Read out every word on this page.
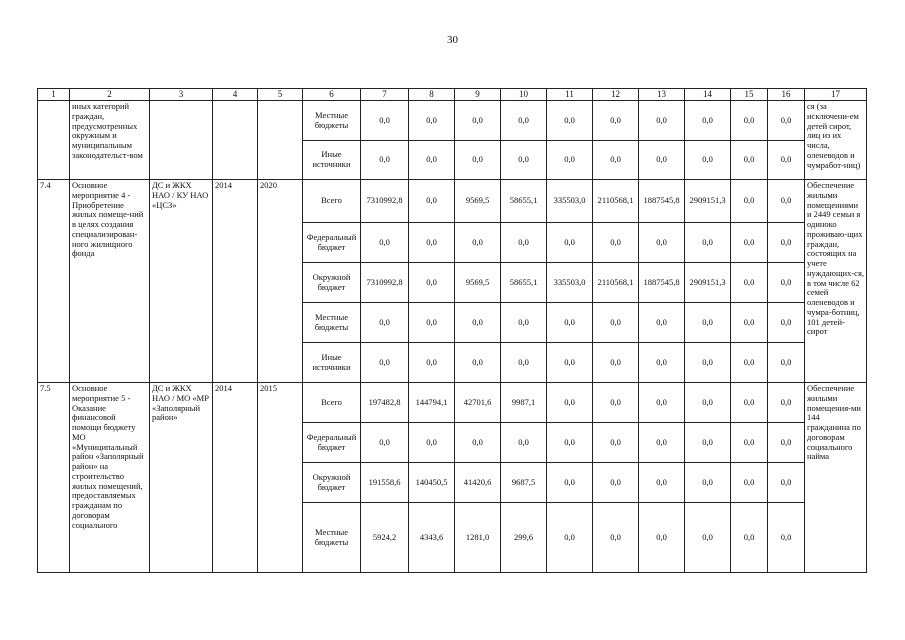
30
1	2	3	4	5	6	7	8	9	10	11	12	13	14	15	16	17
	иных категорий граждан, предусмотренных окружным и муниципальным законодательст-вом				Местные бюджеты	0,0	0,0	0,0	0,0	0,0	0,0	0,0	0,0	0,0	0,0	ся (за исключени-ем детей сирот, лиц из их числа, оленеводов и чумработ-ниц)
					Иные источники	0,0	0,0	0,0	0,0	0,0	0,0	0,0	0,0	0,0	0,0	
7.4	Основное мероприятие 4 - Приобретение жилых помеще-ний в целях создания специализирован-ного жилищного фонда	ДС и ЖКХ НАО / КУ НАО «ЦСЗ»	2014	2020	Всего	7310992,8	0,0	9569,5	58655,1	335503,0	2110568,1	1887545,8	2909151,3	0,0	0,0	Обеспечение жилыми помещениями и 2449 семьи я одиноко проживаю-щих граждан, состоящих на учете нуждающих-ся, в том числе 62 семей оленеводов и чумра-ботниц, 101 детей-сирот
					Федеральный бюджет	0,0	0,0	0,0	0,0	0,0	0,0	0,0	0,0	0,0	0,0	
					Окружной бюджет	7310992,8	0,0	9569,5	58655,1	335503,0	2110568,1	1887545,8	2909151,3	0,0	0,0	
					Местные бюджеты	0,0	0,0	0,0	0,0	0,0	0,0	0,0	0,0	0,0	0,0	
					Иные источники	0,0	0,0	0,0	0,0	0,0	0,0	0,0	0,0	0,0	0,0	
7.5	Основное мероприятие 5 - Оказание финансовой помощи бюджету МО «Муниципальный район «Заполярный район» на строительство жилых помещений, предоставляемых гражданам по договорам социального	ДС и ЖКХ НАО / МО «МР «Заполярный район»	2014	2015	Всего	197482,8	144794,1	42701,6	9987,1	0,0	0,0	0,0	0,0	0,0	0,0	Обеспечение жилыми помещения-ми 144 гражданина по договорам социального найма
					Федеральный бюджет	0,0	0,0	0,0	0,0	0,0	0,0	0,0	0,0	0,0	0,0	
					Окружной бюджет	191558,6	140450,5	41420,6	9687,5	0,0	0,0	0,0	0,0	0,0	0,0	
					Местные бюджеты	5924,2	4343,6	1281,0	299,6	0,0	0,0	0,0	0,0	0,0	0,0	
